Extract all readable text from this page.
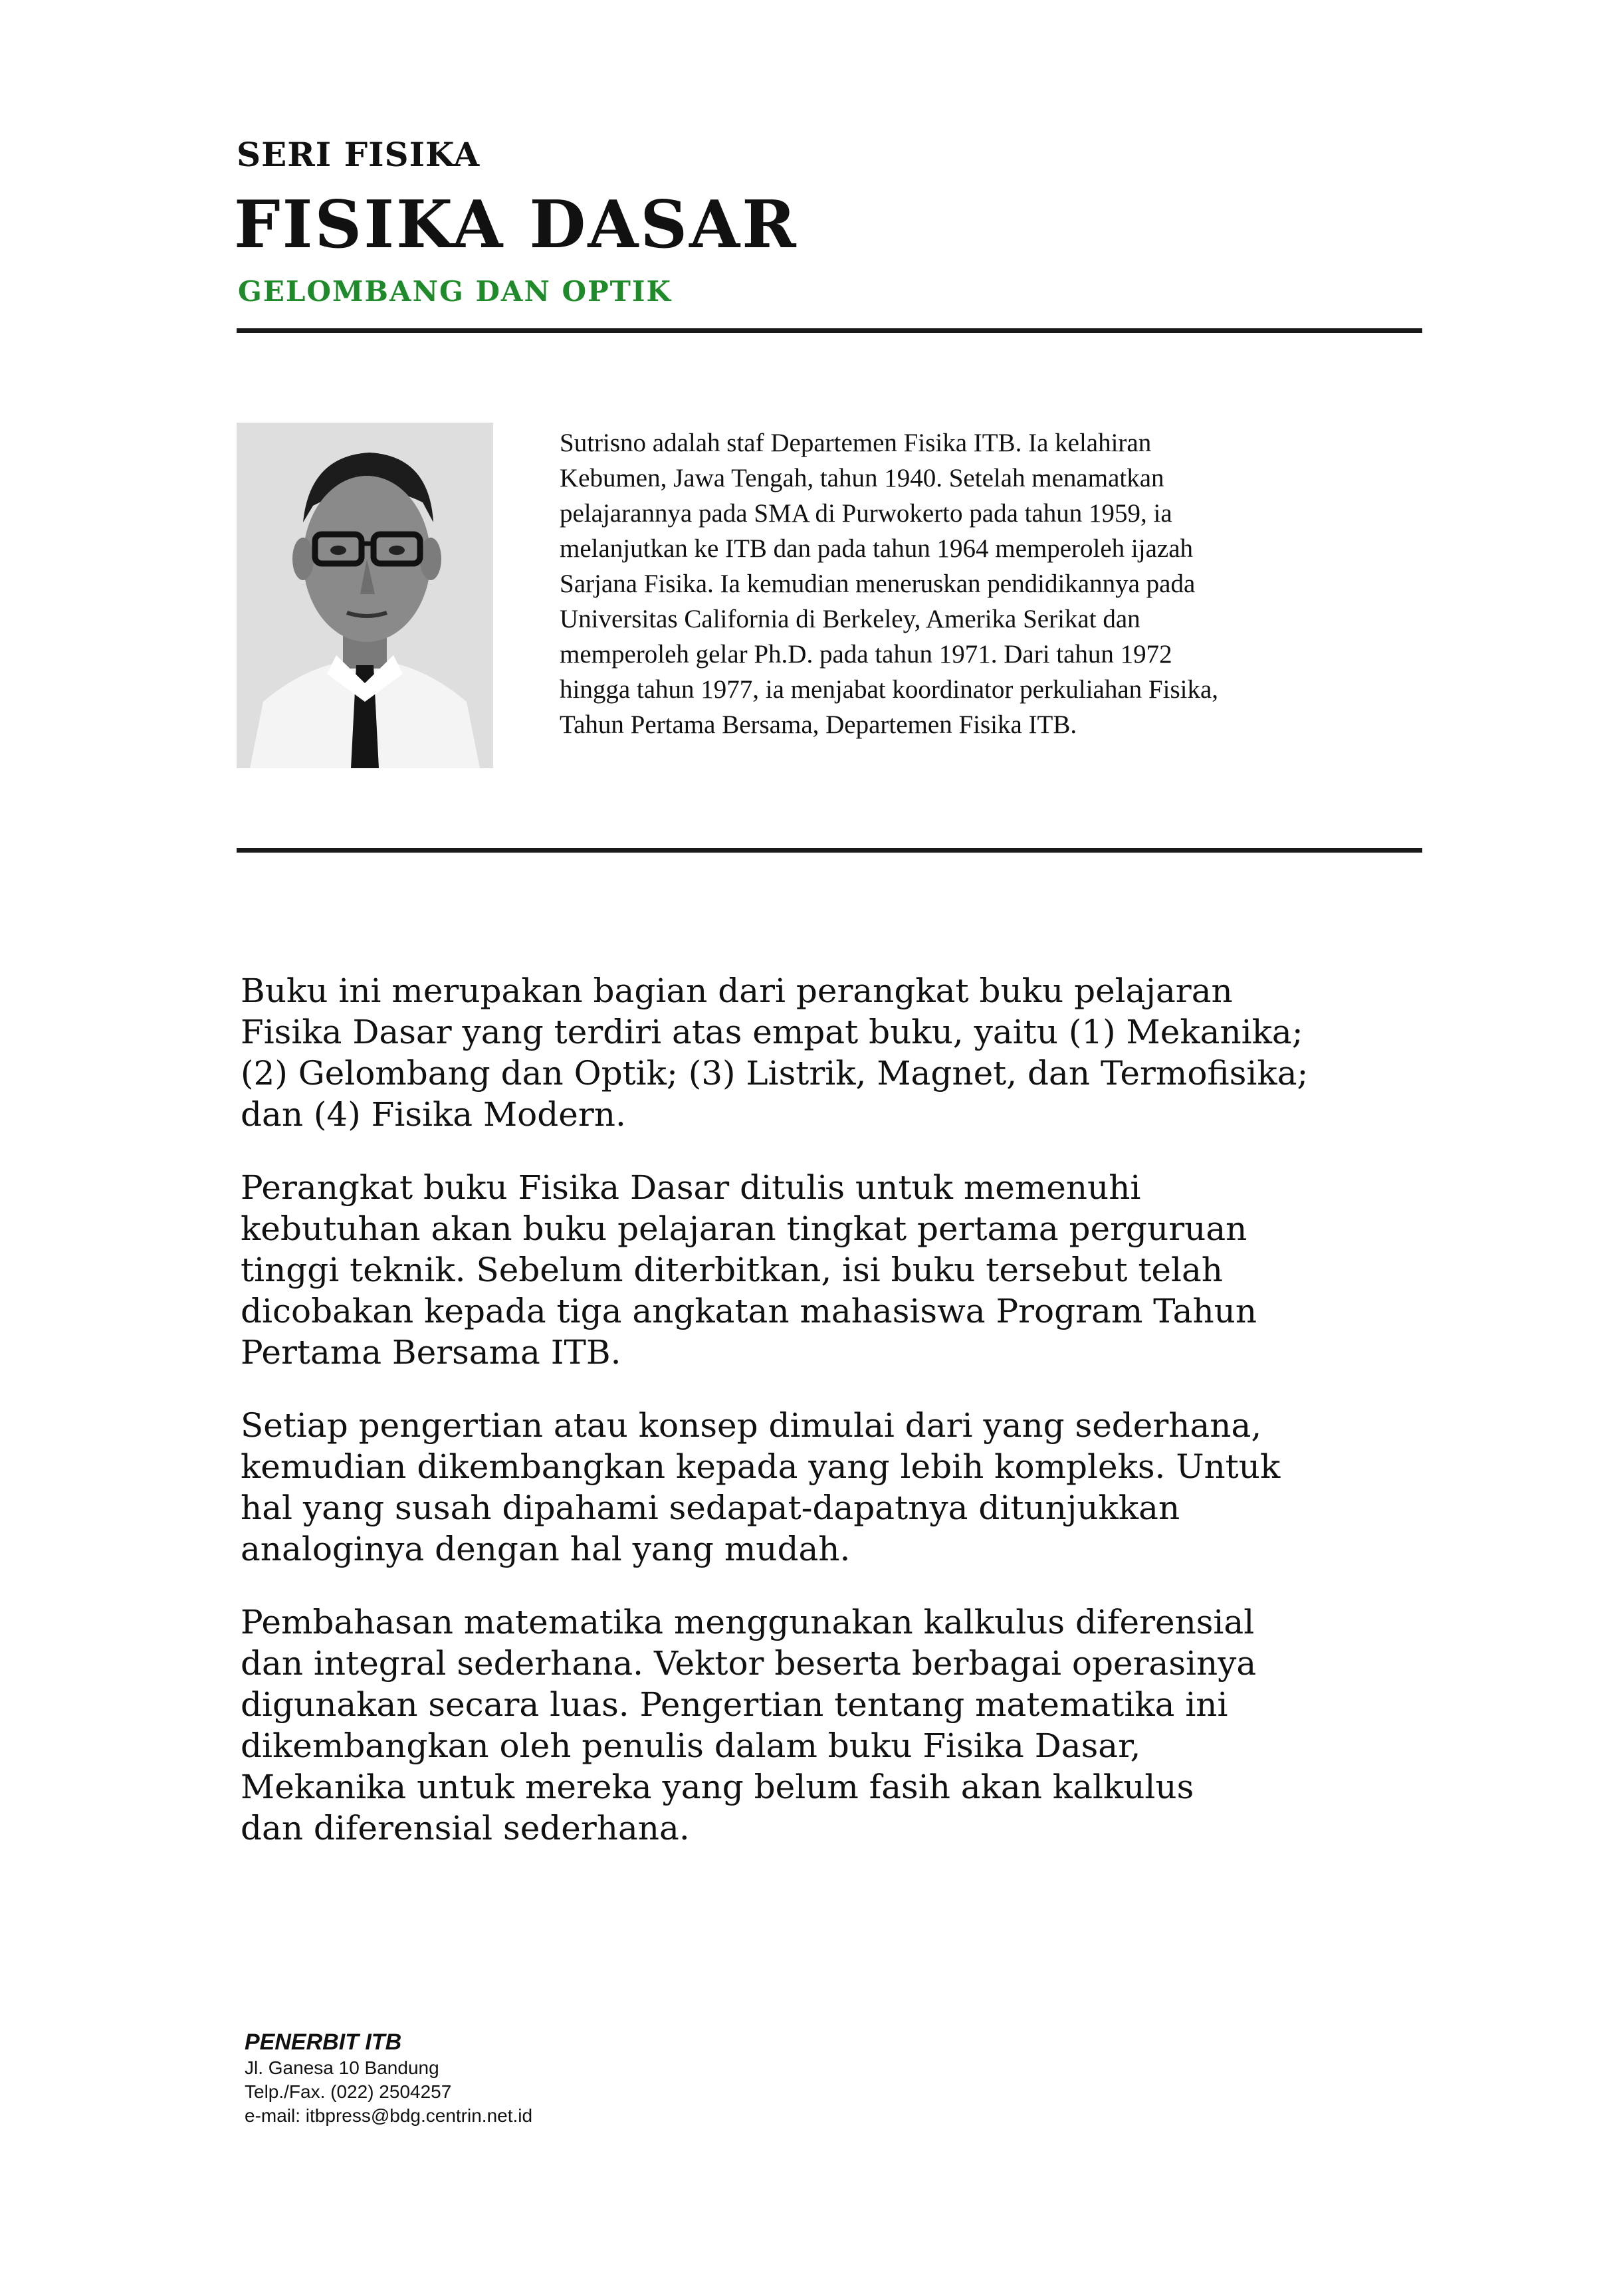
SERI FISIKA
FISIKA DASAR
GELOMBANG DAN OPTIK
Sutrisno adalah staf Departemen Fisika ITB. Ia kelahiran
Kebumen, Jawa Tengah, tahun 1940. Setelah menamatkan
pelajarannya pada SMA di Purwokerto pada tahun 1959, ia
melanjutkan ke ITB dan pada tahun 1964 memperoleh ijazah
Sarjana Fisika. Ia kemudian meneruskan pendidikannya pada
Universitas California di Berkeley, Amerika Serikat dan
memperoleh gelar Ph.D. pada tahun 1971. Dari tahun 1972
hingga tahun 1977, ia menjabat koordinator perkuliahan Fisika,
Tahun Pertama Bersama, Departemen Fisika ITB.

Buku ini merupakan bagian dari perangkat buku pelajaran
Fisika Dasar yang terdiri atas empat buku, yaitu (1) Mekanika;
(2) Gelombang dan Optik; (3) Listrik, Magnet, dan Termofisika;
dan (4) Fisika Modern.

Perangkat buku Fisika Dasar ditulis untuk memenuhi
kebutuhan akan buku pelajaran tingkat pertama perguruan
tinggi teknik. Sebelum diterbitkan, isi buku tersebut telah
dicobakan kepada tiga angkatan mahasiswa Program Tahun
Pertama Bersama ITB.

Setiap pengertian atau konsep dimulai dari yang sederhana,
kemudian dikembangkan kepada yang lebih kompleks. Untuk
hal yang susah dipahami sedapat-dapatnya ditunjukkan
analoginya dengan hal yang mudah.

Pembahasan matematika menggunakan kalkulus diferensial
dan integral sederhana. Vektor beserta berbagai operasinya
digunakan secara luas. Pengertian tentang matematika ini
dikembangkan oleh penulis dalam buku Fisika Dasar,
Mekanika untuk mereka yang belum fasih akan kalkulus
dan diferensial sederhana.

PENERBIT ITB
Jl. Ganesa 10 Bandung
Telp./Fax. (022) 2504257
e-mail: itbpress@bdg.centrin.net.id
